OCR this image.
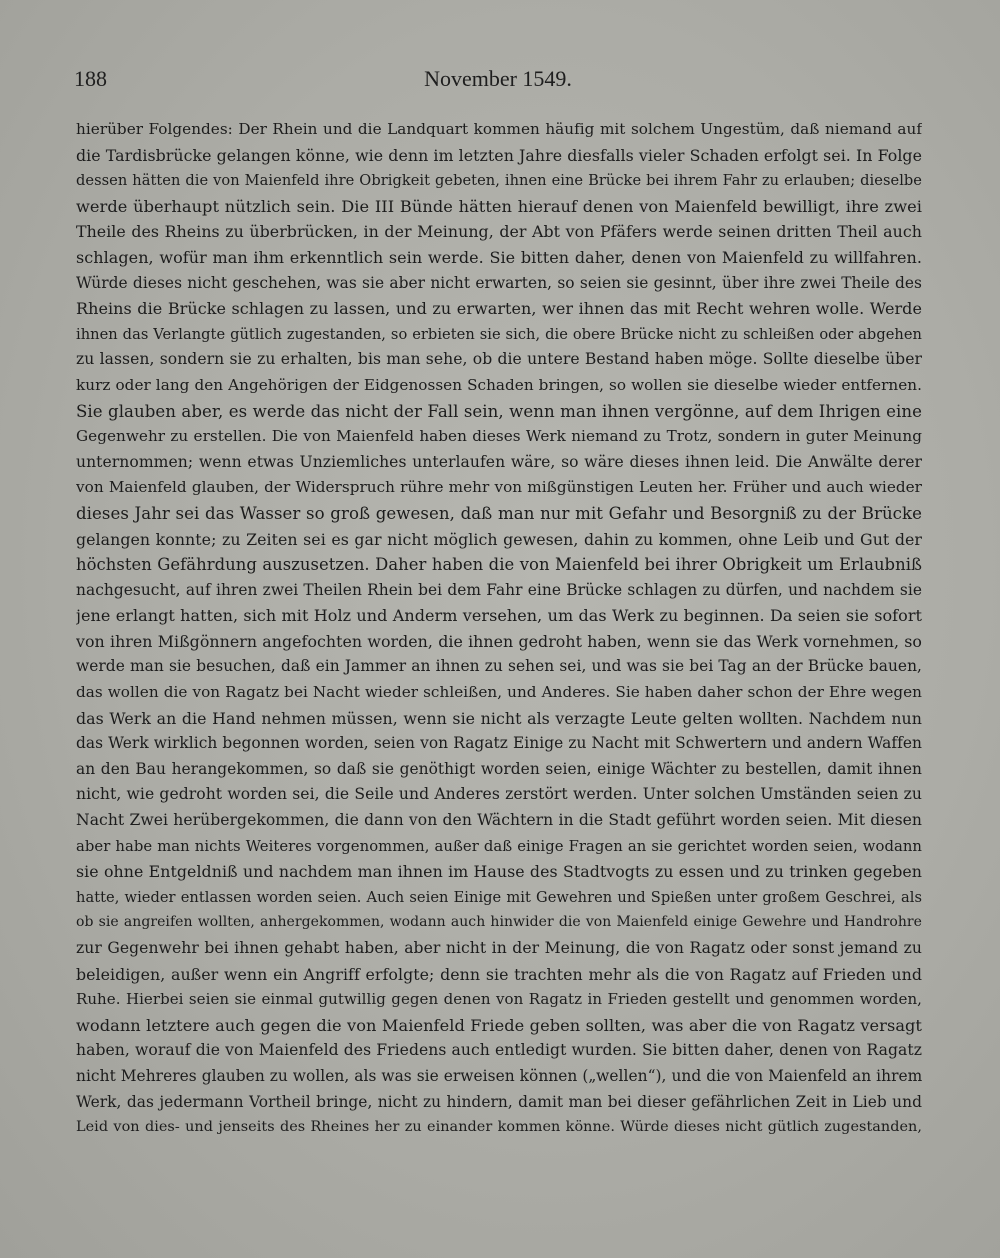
188	November 1549.
hierüber Folgendes: Der Rhein und die Landquart kommen häufig mit solchem Ungestüm, daß niemand auf
die Tardisbrücke gelangen könne, wie denn im letzten Jahre diesfalls vieler Schaden erfolgt sei. In Folge
dessen hätten die von Maienfeld ihre Obrigkeit gebeten, ihnen eine Brücke bei ihrem Fahr zu erlauben; dieselbe
werde überhaupt nützlich sein. Die III Bünde hätten hierauf denen von Maienfeld bewilligt, ihre zwei
Theile des Rheins zu überbrücken, in der Meinung, der Abt von Pfäfers werde seinen dritten Theil auch
schlagen, wofür man ihm erkenntlich sein werde. Sie bitten daher, denen von Maienfeld zu willfahren.
Würde dieses nicht geschehen, was sie aber nicht erwarten, so seien sie gesinnt, über ihre zwei Theile des
Rheins die Brücke schlagen zu lassen, und zu erwarten, wer ihnen das mit Recht wehren wolle. Werde
ihnen das Verlangte gütlich zugestanden, so erbieten sie sich, die obere Brücke nicht zu schleißen oder abgehen
zu lassen, sondern sie zu erhalten, bis man sehe, ob die untere Bestand haben möge. Sollte dieselbe über
kurz oder lang den Angehörigen der Eidgenossen Schaden bringen, so wollen sie dieselbe wieder entfernen.
Sie glauben aber, es werde das nicht der Fall sein, wenn man ihnen vergönne, auf dem Ihrigen eine
Gegenwehr zu erstellen. Die von Maienfeld haben dieses Werk niemand zu Trotz, sondern in guter Meinung
unternommen; wenn etwas Unziemliches unterlaufen wäre, so wäre dieses ihnen leid. Die Anwälte derer
von Maienfeld glauben, der Widerspruch rühre mehr von mißgünstigen Leuten her. Früher und auch wieder
dieses Jahr sei das Wasser so groß gewesen, daß man nur mit Gefahr und Besorgniß zu der Brücke
gelangen konnte; zu Zeiten sei es gar nicht möglich gewesen, dahin zu kommen, ohne Leib und Gut der
höchsten Gefährdung auszusetzen. Daher haben die von Maienfeld bei ihrer Obrigkeit um Erlaubniß
nachgesucht, auf ihren zwei Theilen Rhein bei dem Fahr eine Brücke schlagen zu dürfen, und nachdem sie
jene erlangt hatten, sich mit Holz und Anderm versehen, um das Werk zu beginnen. Da seien sie sofort
von ihren Mißgönnern angefochten worden, die ihnen gedroht haben, wenn sie das Werk vornehmen, so
werde man sie besuchen, daß ein Jammer an ihnen zu sehen sei, und was sie bei Tag an der Brücke bauen,
das wollen die von Ragatz bei Nacht wieder schleißen, und Anderes. Sie haben daher schon der Ehre wegen
das Werk an die Hand nehmen müssen, wenn sie nicht als verzagte Leute gelten wollten. Nachdem nun
das Werk wirklich begonnen worden, seien von Ragatz Einige zu Nacht mit Schwertern und andern Waffen
an den Bau herangekommen, so daß sie genöthigt worden seien, einige Wächter zu bestellen, damit ihnen
nicht, wie gedroht worden sei, die Seile und Anderes zerstört werden. Unter solchen Umständen seien zu
Nacht Zwei herübergekommen, die dann von den Wächtern in die Stadt geführt worden seien. Mit diesen
aber habe man nichts Weiteres vorgenommen, außer daß einige Fragen an sie gerichtet worden seien, wodann
sie ohne Entgeldniß und nachdem man ihnen im Hause des Stadtvogts zu essen und zu trinken gegeben
hatte, wieder entlassen worden seien. Auch seien Einige mit Gewehren und Spießen unter großem Geschrei, als
ob sie angreifen wollten, anhergekommen, wodann auch hinwider die von Maienfeld einige Gewehre und Handrohre
zur Gegenwehr bei ihnen gehabt haben, aber nicht in der Meinung, die von Ragatz oder sonst jemand zu
beleidigen, außer wenn ein Angriff erfolgte; denn sie trachten mehr als die von Ragatz auf Frieden und
Ruhe. Hierbei seien sie einmal gutwillig gegen denen von Ragatz in Frieden gestellt und genommen worden,
wodann letztere auch gegen die von Maienfeld Friede geben sollten, was aber die von Ragatz versagt
haben, worauf die von Maienfeld des Friedens auch entledigt wurden. Sie bitten daher, denen von Ragatz
nicht Mehreres glauben zu wollen, als was sie erweisen können („wellen“), und die von Maienfeld an ihrem
Werk, das jedermann Vortheil bringe, nicht zu hindern, damit man bei dieser gefährlichen Zeit in Lieb und
Leid von dies- und jenseits des Rheines her zu einander kommen könne. Würde dieses nicht gütlich zugestanden,
